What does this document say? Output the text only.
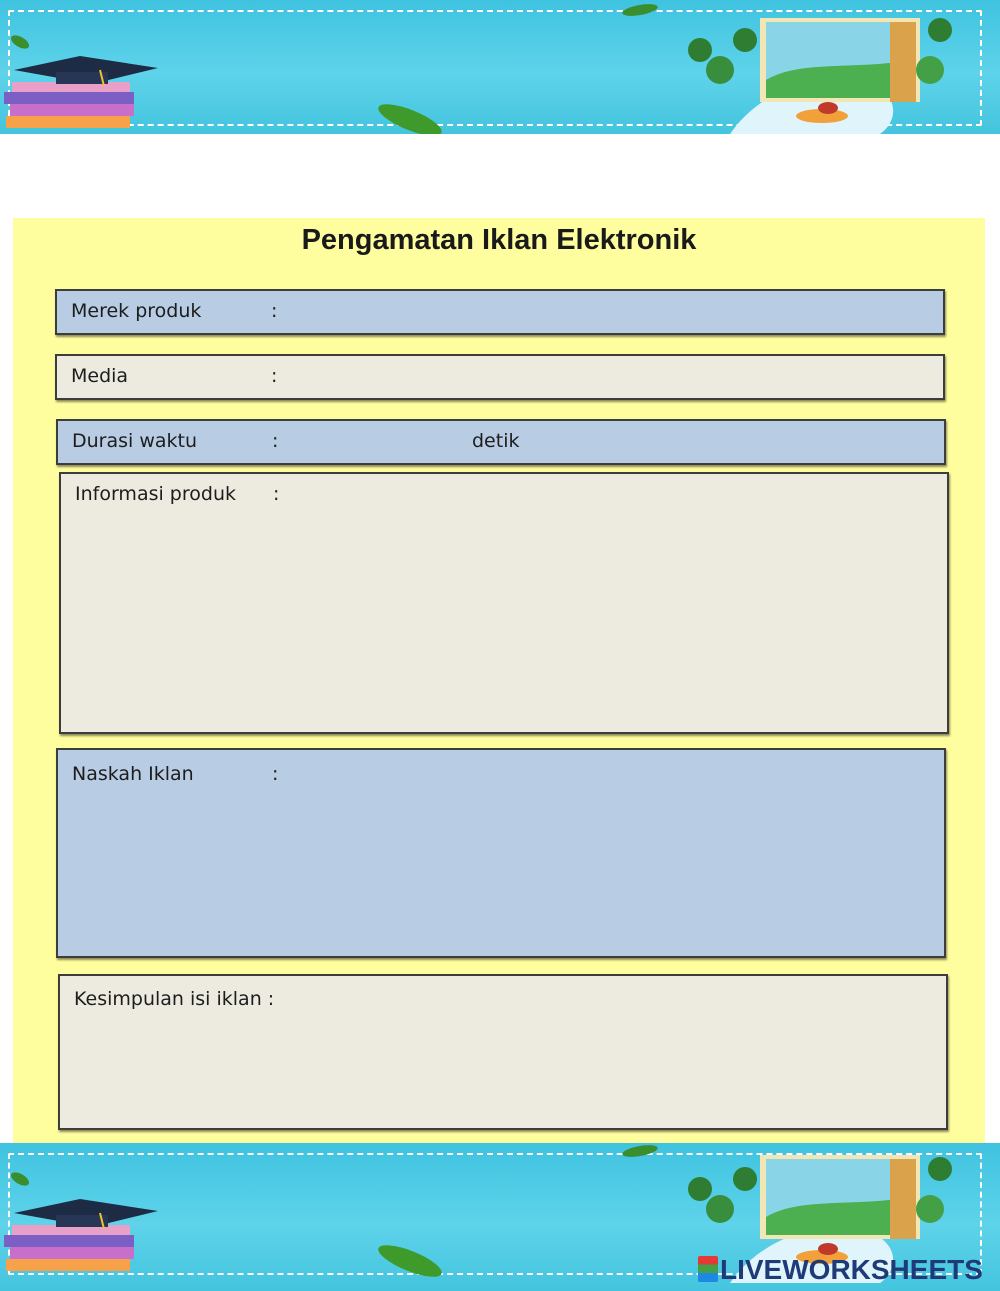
Pengamatan Iklan Elektronik
Merek produk	:
Media	:
Durasi waktu	:	detik
Informasi produk :
Naskah Iklan	:
Kesimpulan isi iklan :
LIVEWORKSHEETS
